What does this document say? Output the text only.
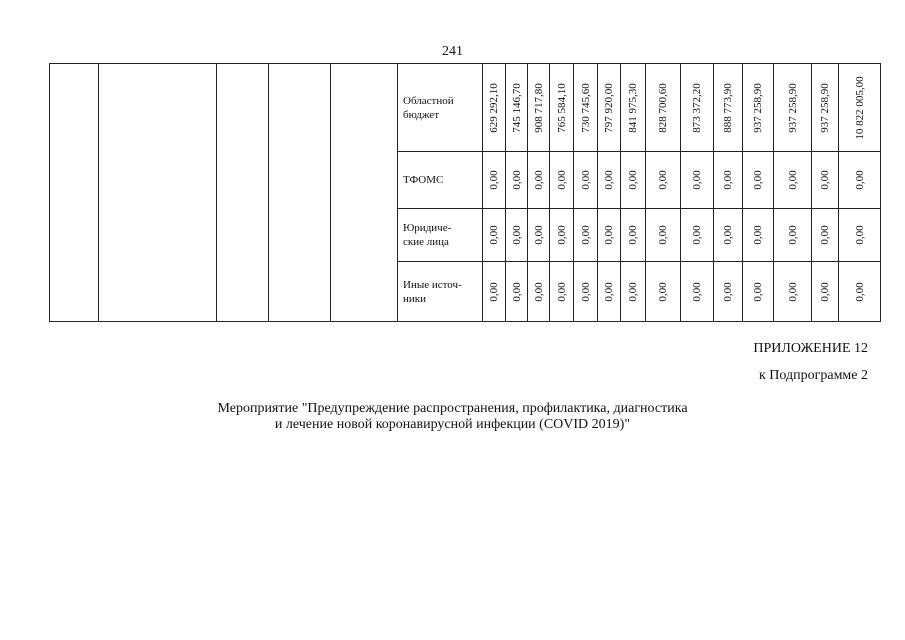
241
Областной
бюджет	629 292,10 745 146,70 908 717,80 765 584,10 730 745,60 797 920,00 841 975,30 828 700,60 873 372,20 888 773,90 937 258,90 937 258,90 937 258,90 10 822 005,00
ТФОМС	0,00 0,00 0,00 0,00 0,00 0,00 0,00 0,00 0,00 0,00 0,00 0,00 0,00 0,00
Юридиче-
ские лица	0,00 0,00 0,00 0,00 0,00 0,00 0,00 0,00 0,00 0,00 0,00 0,00 0,00 0,00
Иные источ-
ники	0,00 0,00 0,00 0,00 0,00 0,00 0,00 0,00 0,00 0,00 0,00 0,00 0,00 0,00
ПРИЛОЖЕНИЕ 12
к Подпрограмме 2
Мероприятие "Предупреждение распространения, профилактика, диагностика
и лечение новой коронавирусной инфекции (COVID 2019)"
